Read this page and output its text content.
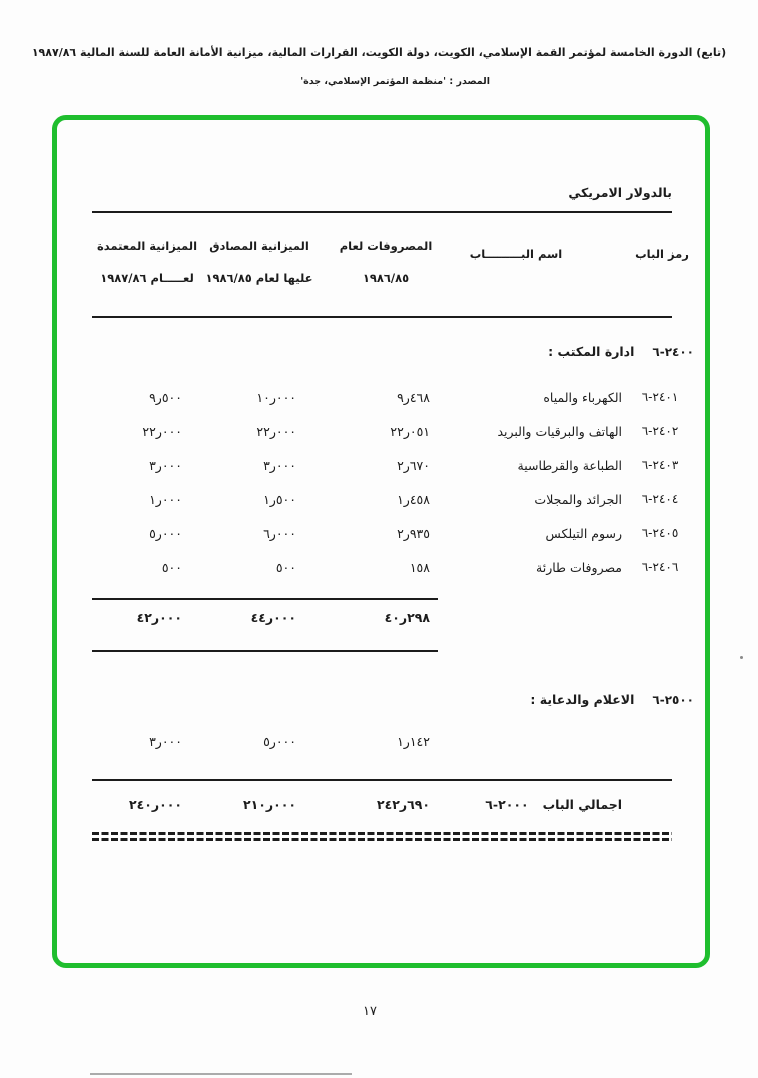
(تابع) الدورة الخامسة لمؤتمر القمة الإسلامي، الكويت، دولة الكويت، القرارات المالية، ميزانية الأمانة العامة للسنة المالية ١٩٨٧/٨٦
المصدر : 'منظمة المؤتمر الإسلامي، جدة'
بالدولار الامريكي
رمز الباب
اسم البـــــــــاب
المصروفات لعام
١٩٨٦/٨٥
الميزانية المصادق
عليها لعام ١٩٨٦/٨٥
الميزانية المعتمدة
لعـــــام ١٩٨٧/٨٦
٦-٢٤٠٠
ادارة المكتب :
٦-٢٤٠١
الكهرباء والمياه
٩ر٤٦٨
١٠ر٠٠٠
٩ر٥٠٠
٦-٢٤٠٢
الهاتف والبرقيات والبريد
٢٢ر٠٥١
٢٢ر٠٠٠
٢٢ر٠٠٠
٦-٢٤٠٣
الطباعة والقرطاسية
٢ر٦٧٠
٣ر٠٠٠
٣ر٠٠٠
٦-٢٤٠٤
الجرائد والمجلات
١ر٤٥٨
١ر٥٠٠
١ر٠٠٠
٦-٢٤٠٥
رسوم التيلكس
٢ر٩٣٥
٦ر٠٠٠
٥ر٠٠٠
٦-٢٤٠٦
مصروفات طارئة
١٥٨
٥٠٠
٥٠٠
٤٠ر٢٩٨
٤٤ر٠٠٠
٤٢ر٠٠٠
٦-٢٥٠٠
الاعلام والدعاية :
١ر١٤٢
٥ر٠٠٠
٣ر٠٠٠
اجمالي الباب
٦-٢٠٠٠
٢٤٢ر٦٩٠
٢١٠ر٠٠٠
٢٤٠ر٠٠٠
١٧
